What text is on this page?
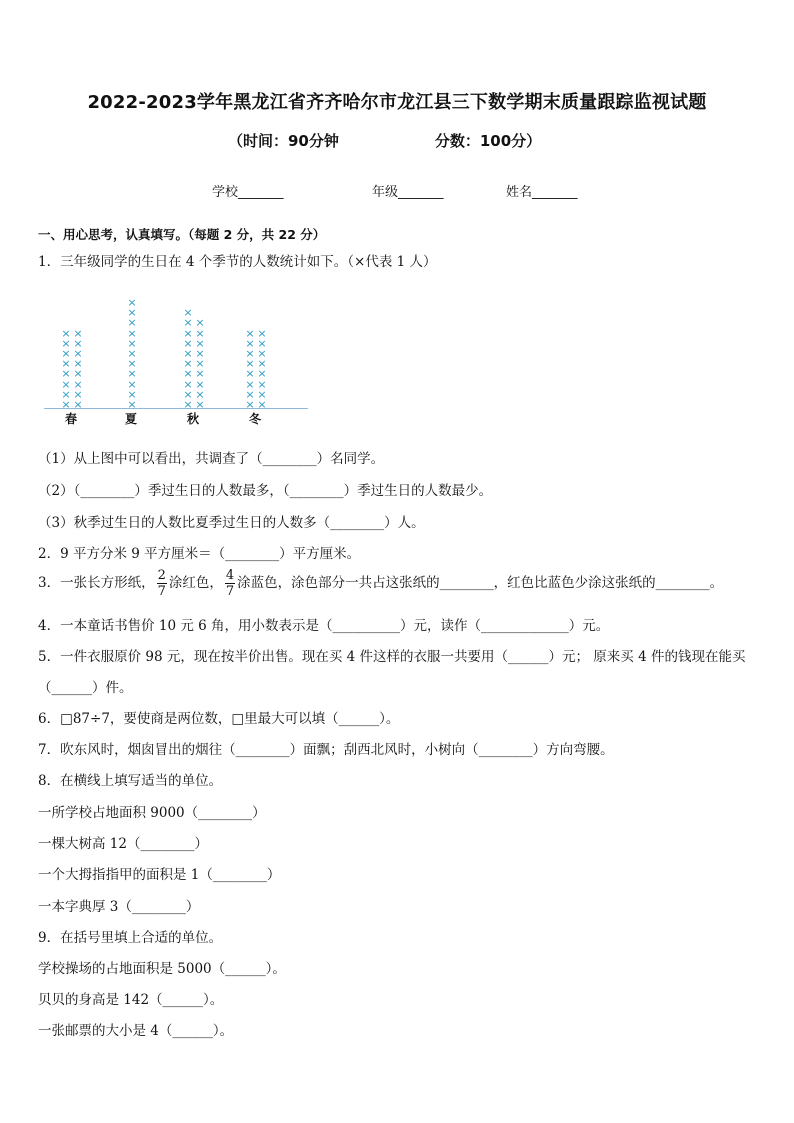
2022-2023学年黑龙江省齐齐哈尔市龙江县三下数学期末质量跟踪监视试题
（时间：90分钟	分数：100分）
学校_______	年级_______	姓名_______
一、用心思考，认真填写。（每题 2 分，共 22 分）
1．三年级同学的生日在 4 个季节的人数统计如下。（×代表 1 人）
× ×
× ×
× ×
× ×
× ×
× ×
× ×
× ×
春
×
×
×
×
×
×
×
×
×
×
×
夏
× ×
× ×
× ×
× ×
× ×
× ×
× ×
× ×
× ×
×
秋
× ×
× ×
× ×
× ×
× ×
× ×
× ×
× ×
冬
（1）从上图中可以看出，共调查了（________）名同学。
（2）（________）季过生日的人数最多，（________）季过生日的人数最少。
（3）秋季过生日的人数比夏季过生日的人数多（________）人。
2．9 平方分米 9 平方厘米＝（________）平方厘米。
3．一张长方形纸， $\frac{2}{7}$ 涂红色， $\frac{4}{7}$ 涂蓝色，涂色部分一共占这张纸的________，红色比蓝色少涂这张纸的________。
4．一本童话书售价 10 元 6 角，用小数表示是（__________）元，读作（_____________）元。
5．一件衣服原价 98 元，现在按半价出售。现在买 4 件这样的衣服一共要用（______）元； 原来买 4 件的钱现在能买
（______）件。
6．□87÷7，要使商是两位数，□里最大可以填（______）。
7．吹东风时，烟囱冒出的烟往（________）面飘；刮西北风时，小树向（________）方向弯腰。
8．在横线上填写适当的单位。
一所学校占地面积 9000（________）
一棵大树高 12（________）
一个大拇指指甲的面积是 1（________）
一本字典厚 3（________）
9．在括号里填上合适的单位。
学校操场的占地面积是 5000（______）。
贝贝的身高是 142（______）。
一张邮票的大小是 4（______）。
